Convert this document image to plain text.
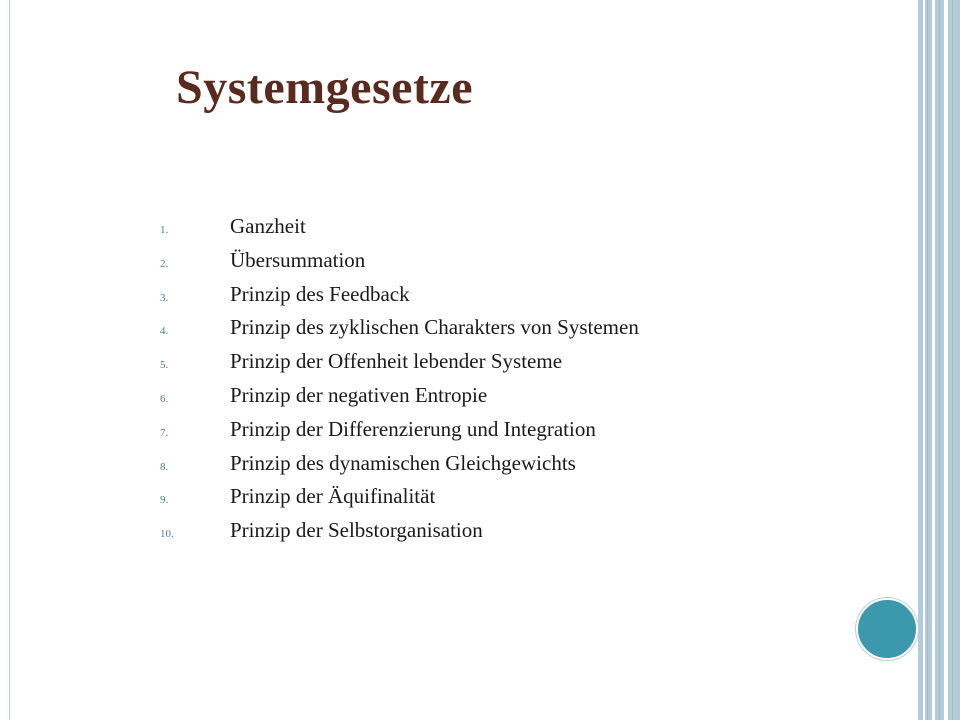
Systemgesetze
1.	Ganzheit
2.	Übersummation
3.	Prinzip des Feedback
4.	Prinzip des zyklischen Charakters von Systemen
5.	Prinzip der Offenheit lebender Systeme
6.	Prinzip der negativen Entropie
7.	Prinzip der Differenzierung und Integration
8.	Prinzip des dynamischen Gleichgewichts
9.	Prinzip der Äquifinalität
10.	Prinzip der Selbstorganisation
